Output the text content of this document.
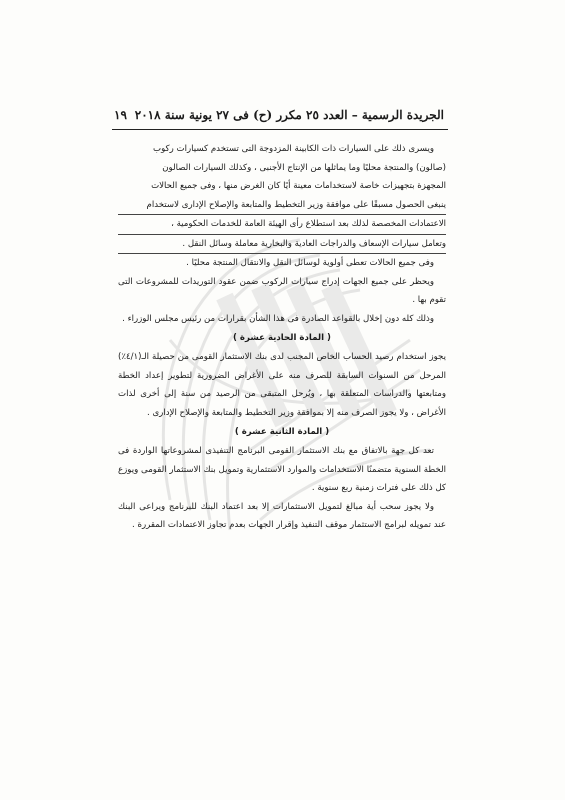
الجريدة الرسمية – العدد ٢٥ مكرر (ح) فى ٢٧ يونية سنة ٢٠١٨
١٩

ويسرى ذلك على السيارات ذات الكابينة المزدوجة التى تستخدم كسيارات ركوب

(صالون) والمنتجة محليًا وما يماثلها من الإنتاج الأجنبى ، وكذلك السيارات الصالون

المجهزة بتجهيزات خاصة لاستخدامات معينة أيًا كان الغرض منها ، وفى جميع الحالات

ينبغى الحصول مسبقًا على موافقة وزير التخطيط والمتابعة والإصلاح الإدارى لاستخدام

الاعتمادات المخصصة لذلك بعد استطلاع رأى الهيئة العامة للخدمات الحكومية ،

وتعامل سيارات الإسعاف والدراجات العادية والبخارية معاملة وسائل النقل .

وفى جميع الحالات تعطى أولوية لوسائل النقل والانتقال المنتجة محليًا .

ويحظر على جميع الجهات إدراج سيارات الركوب ضمن عقود التوريدات للمشروعات التى تقوم بها .

وذلك كله دون إخلال بالقواعد الصادرة فى هذا الشأن بقرارات من رئيس مجلس الوزراء .

( المادة الحادية عشرة )

يجوز استخدام رصيد الحساب الخاص المجنب لدى بنك الاستثمار القومى من حصيلة الـ(٤/١٪) المرحل من السنوات السابقة للصرف منه على الأغراض الضرورية لتطوير إعداد الخطة ومتابعتها والدراسات المتعلقة بها ، ويُرحل المتبقى من الرصيد من سنة إلى أخرى لذات الأغراض ، ولا يجوز الصرف منه إلا بموافقة وزير التخطيط والمتابعة والإصلاح الإدارى .

( المادة الثانية عشرة )

تعد كل جهة بالاتفاق مع بنك الاستثمار القومى البرنامج التنفيذى لمشروعاتها الواردة فى الخطة السنوية متضمنًا الاستخدامات والموارد الاستثمارية وتمويل بنك الاستثمار القومى ويوزع كل ذلك على فترات زمنية ربع سنوية .

ولا يجوز سحب أية مبالغ لتمويل الاستثمارات إلا بعد اعتماد البنك للبرنامج ويراعى البنك عند تمويله لبرامج الاستثمار موقف التنفيذ وإقرار الجهات بعدم تجاوز الاعتمادات المقررة .
